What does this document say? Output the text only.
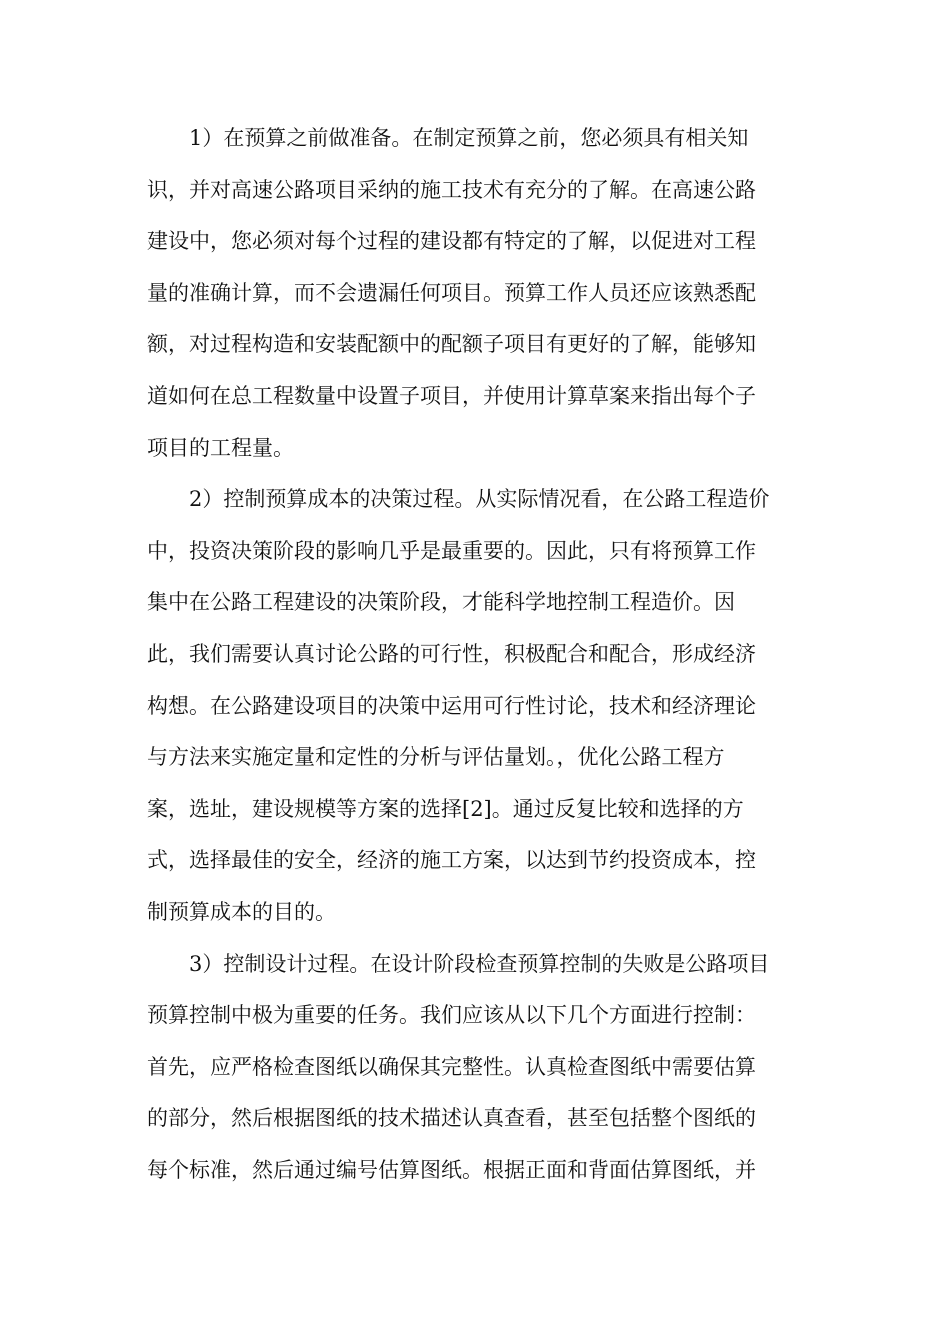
1）在预算之前做准备。在制定预算之前，您必须具有相关知
识，并对高速公路项目采纳的施工技术有充分的了解。在高速公路
建设中，您必须对每个过程的建设都有特定的了解，以促进对工程
量的准确计算，而不会遗漏任何项目。预算工作人员还应该熟悉配
额，对过程构造和安装配额中的配额子项目有更好的了解，能够知
道如何在总工程数量中设置子项目，并使用计算草案来指出每个子
项目的工程量。
2）控制预算成本的决策过程。从实际情况看，在公路工程造价
中，投资决策阶段的影响几乎是最重要的。因此，只有将预算工作
集中在公路工程建设的决策阶段，才能科学地控制工程造价。因
此，我们需要认真讨论公路的可行性，积极配合和配合，形成经济
构想。在公路建设项目的决策中运用可行性讨论，技术和经济理论
与方法来实施定量和定性的分析与评估量划。，优化公路工程方
案，选址，建设规模等方案的选择[2]。通过反复比较和选择的方
式，选择最佳的安全，经济的施工方案，以达到节约投资成本，控
制预算成本的目的。
3）控制设计过程。在设计阶段检查预算控制的失败是公路项目
预算控制中极为重要的任务。我们应该从以下几个方面进行控制：
首先，应严格检查图纸以确保其完整性。认真检查图纸中需要估算
的部分，然后根据图纸的技术描述认真查看，甚至包括整个图纸的
每个标准，然后通过编号估算图纸。根据正面和背面估算图纸，并
